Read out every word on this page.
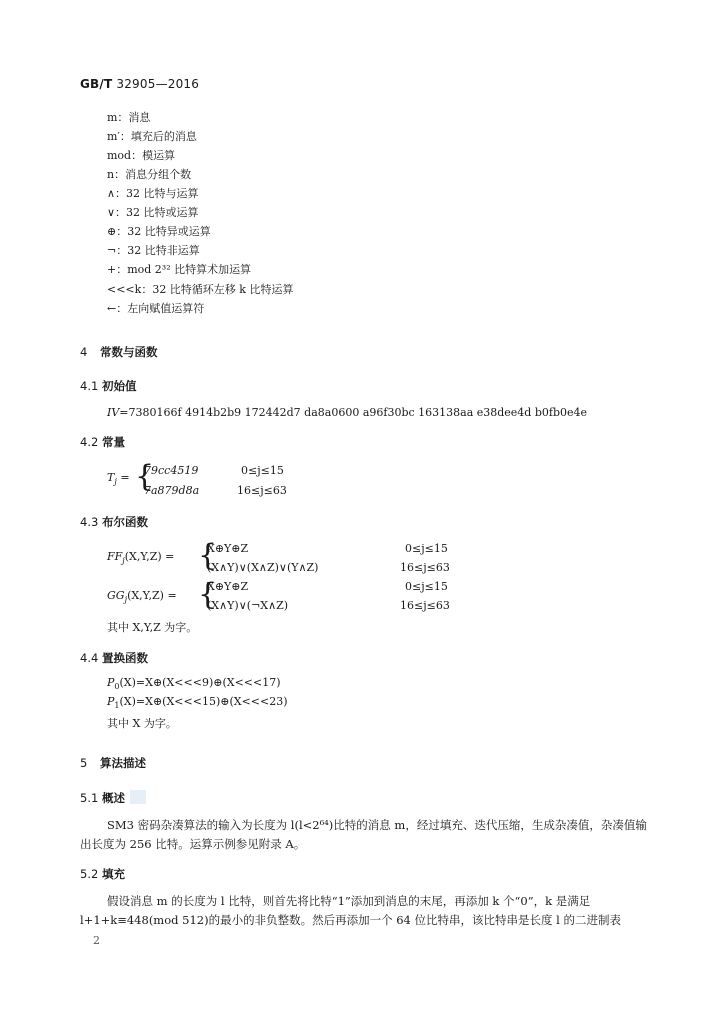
GB/T 32905—2016
m：消息
m′：填充后的消息
mod：模运算
n：消息分组个数
∧：32 比特与运算
∨：32 比特或运算
⊕：32 比特异或运算
¬：32 比特非运算
+：mod 2³² 比特算术加运算
<<<k：32 比特循环左移 k 比特运算
←：左向赋值运算符
4 常数与函数
4.1 初始值
IV=7380166f 4914b2b9 172442d7 da8a0600 a96f30bc 163138aa e38dee4d b0fb0e4e
4.2 常量
$T_j$ = {
79cc4519	0≤j≤15
7a879d8a	16≤j≤63
4.3 布尔函数
$FF_j(X,Y,Z)$ = {
X⊕Y⊕Z	0≤j≤15
(X∧Y)∨(X∧Z)∨(Y∧Z)	16≤j≤63
$GG_j(X,Y,Z)$ = {
X⊕Y⊕Z	0≤j≤15
(X∧Y)∨(¬X∧Z)	16≤j≤63
其中 X,Y,Z 为字。
4.4 置换函数
$P_0(X)=X\oplus(X<<<9)\oplus(X<<<17)$
$P_1(X)=X\oplus(X<<<15)\oplus(X<<<23)$
其中 X 为字。
5 算法描述
5.1 概述

SM3 密码杂凑算法的输入为长度为 l(l<2⁶⁴)比特的消息 m，经过填充、迭代压缩，生成杂凑值，杂凑值输出长度为 256 比特。运算示例参见附录 A。

5.2 填充

假设消息 m 的长度为 l 比特，则首先将比特“1”添加到消息的末尾，再添加 k 个“0”，k 是满足 l+1+k≡448(mod 512)的最小的非负整数。然后再添加一个 64 位比特串，该比特串是长度 l 的二进制表

2
